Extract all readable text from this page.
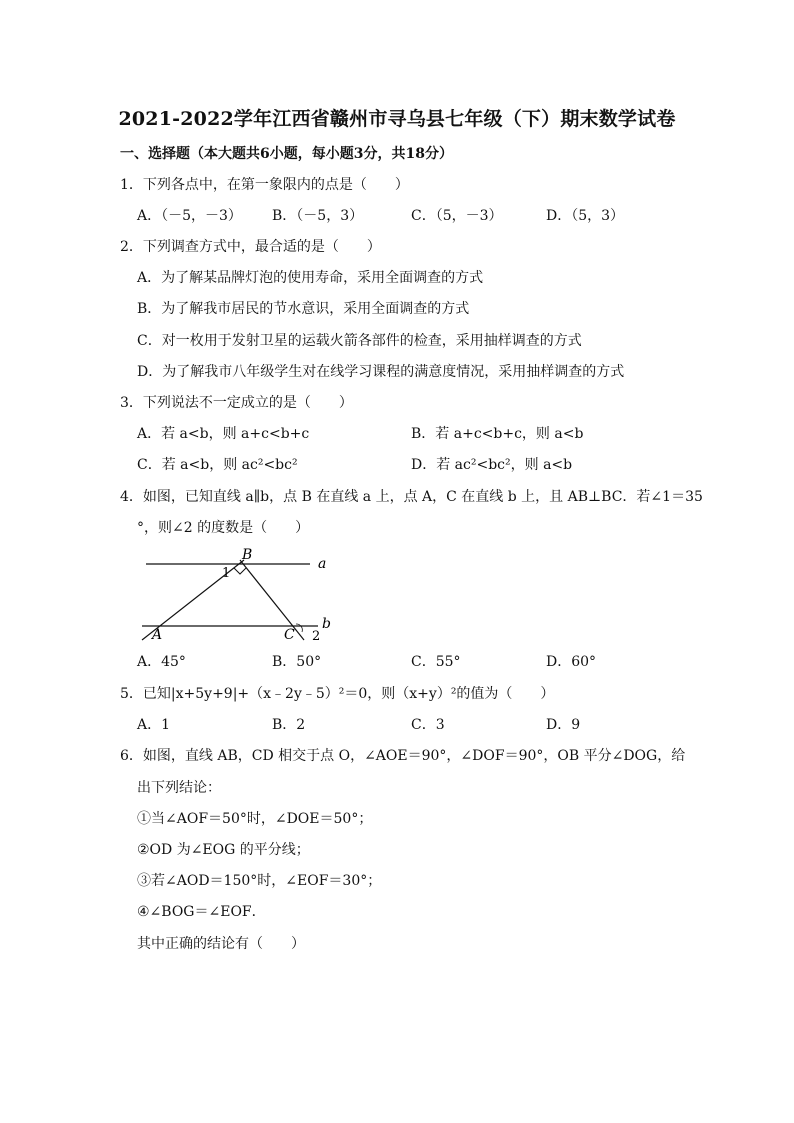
2021-2022学年江西省赣州市寻乌县七年级（下）期末数学试卷
一、选择题（本大题共6小题，每小题3分，共18分）
1．下列各点中，在第一象限内的点是（　　）
A．（－5，－3） B．（－5，3）	C．（5，－3）	D．（5，3）
2．下列调查方式中，最合适的是（　　）
A．为了解某品牌灯泡的使用寿命，采用全面调查的方式
B．为了解我市居民的节水意识，采用全面调查的方式
C．对一枚用于发射卫星的运载火箭各部件的检查，采用抽样调查的方式
D．为了解我市八年级学生对在线学习课程的满意度情况，采用抽样调查的方式
3．下列说法不一定成立的是（　　）
A．若 a<b，则 a+c<b+c	B．若 a+c<b+c，则 a<b
C．若 a<b，则 ac²<bc²	D．若 ac²<bc²，则 a<b
4．如图，已知直线 a∥b，点 B 在直线 a 上，点 A，C 在直线 b 上，且 AB⊥BC．若∠1＝35
°，则∠2 的度数是（　　）
B
a
1
A	C 2
b
A．45°	B．50°	C．55°	D．60°
5．已知|x+5y+9|+（x﹣2y﹣5）²＝0，则（x+y）²的值为（　　）
A．1	B．2	C．3	D．9
6．如图，直线 AB，CD 相交于点 O，∠AOE＝90°，∠DOF＝90°，OB 平分∠DOG，给
出下列结论：
①当∠AOF＝50°时，∠DOE＝50°；
②OD 为∠EOG 的平分线；
③若∠AOD＝150°时，∠EOF＝30°；
④∠BOG＝∠EOF．
其中正确的结论有（　　）
